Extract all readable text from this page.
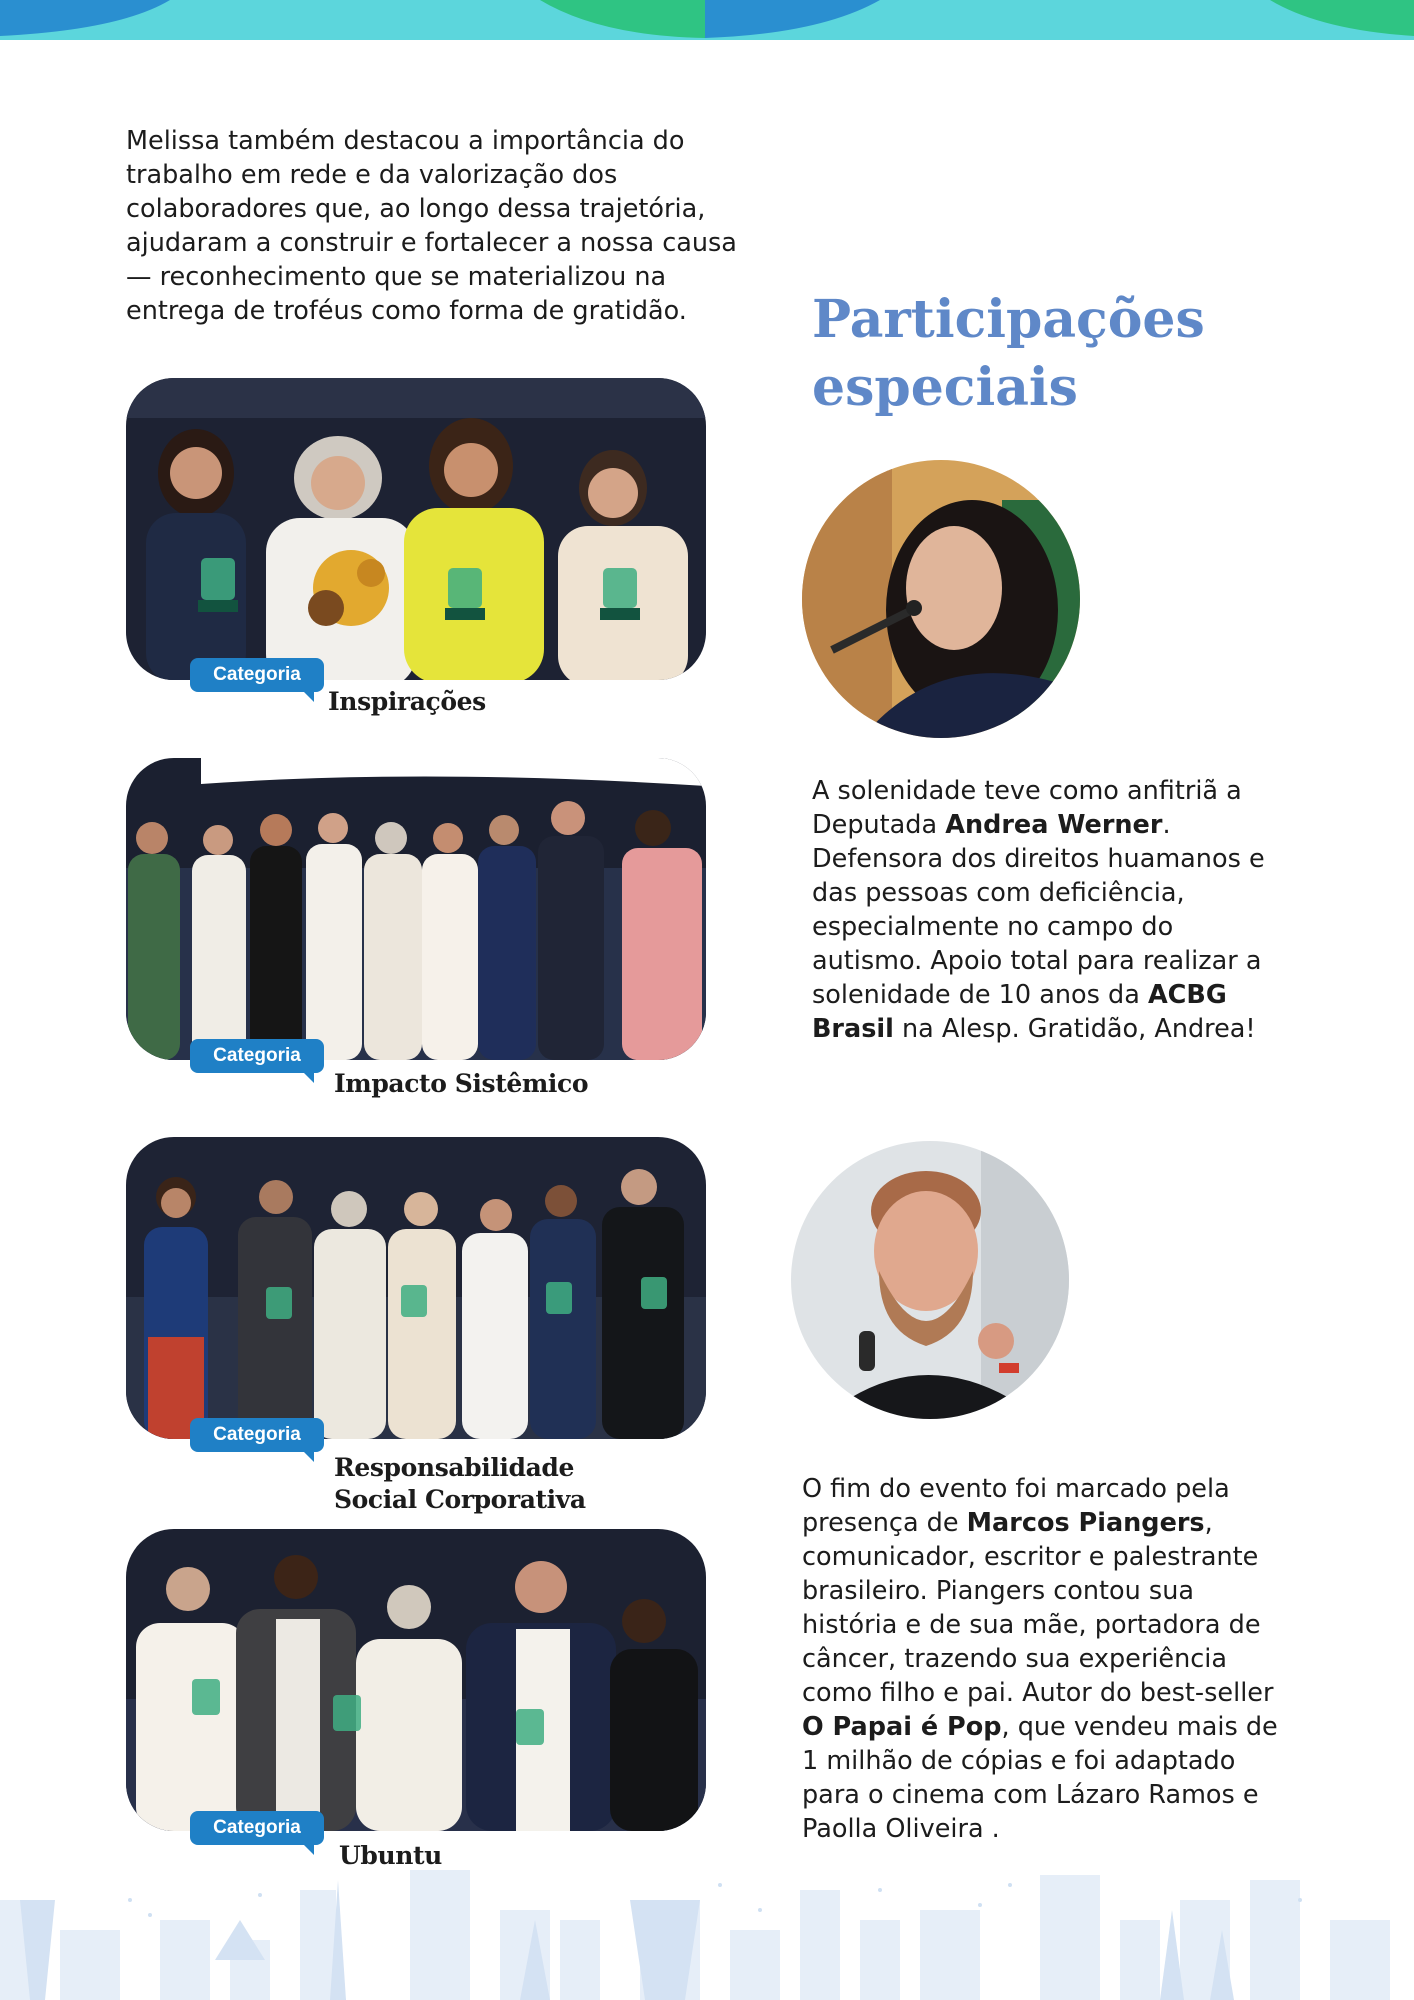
Melissa também destacou a importância do trabalho em rede e da valorização dos colaboradores que, ao longo dessa trajetória, ajudaram a construir e fortalecer a nossa causa — reconhecimento que se materializou na entrega de troféus como forma de gratidão.	Participações
especiais
Categoria

Inspirações

Categoria

Impacto Sistêmico

Categoria

Responsabilidade
Social Corporativa

Categoria

Ubuntu

A solenidade teve como anfitriã a Deputada Andrea Werner. Defensora dos direitos huamanos e das pessoas com deficiência, especialmente no campo do autismo. Apoio total para realizar a solenidade de 10 anos da ACBG Brasil na Alesp. Gratidão, Andrea!

O fim do evento foi marcado pela presença de Marcos Piangers, comunicador, escritor e palestrante brasileiro. Piangers contou sua história e de sua mãe, portadora de câncer, trazendo sua experiência como filho e pai. Autor do best-seller O Papai é Pop, que vendeu mais de 1 milhão de cópias e foi adaptado para o cinema com Lázaro Ramos e Paolla Oliveira .
